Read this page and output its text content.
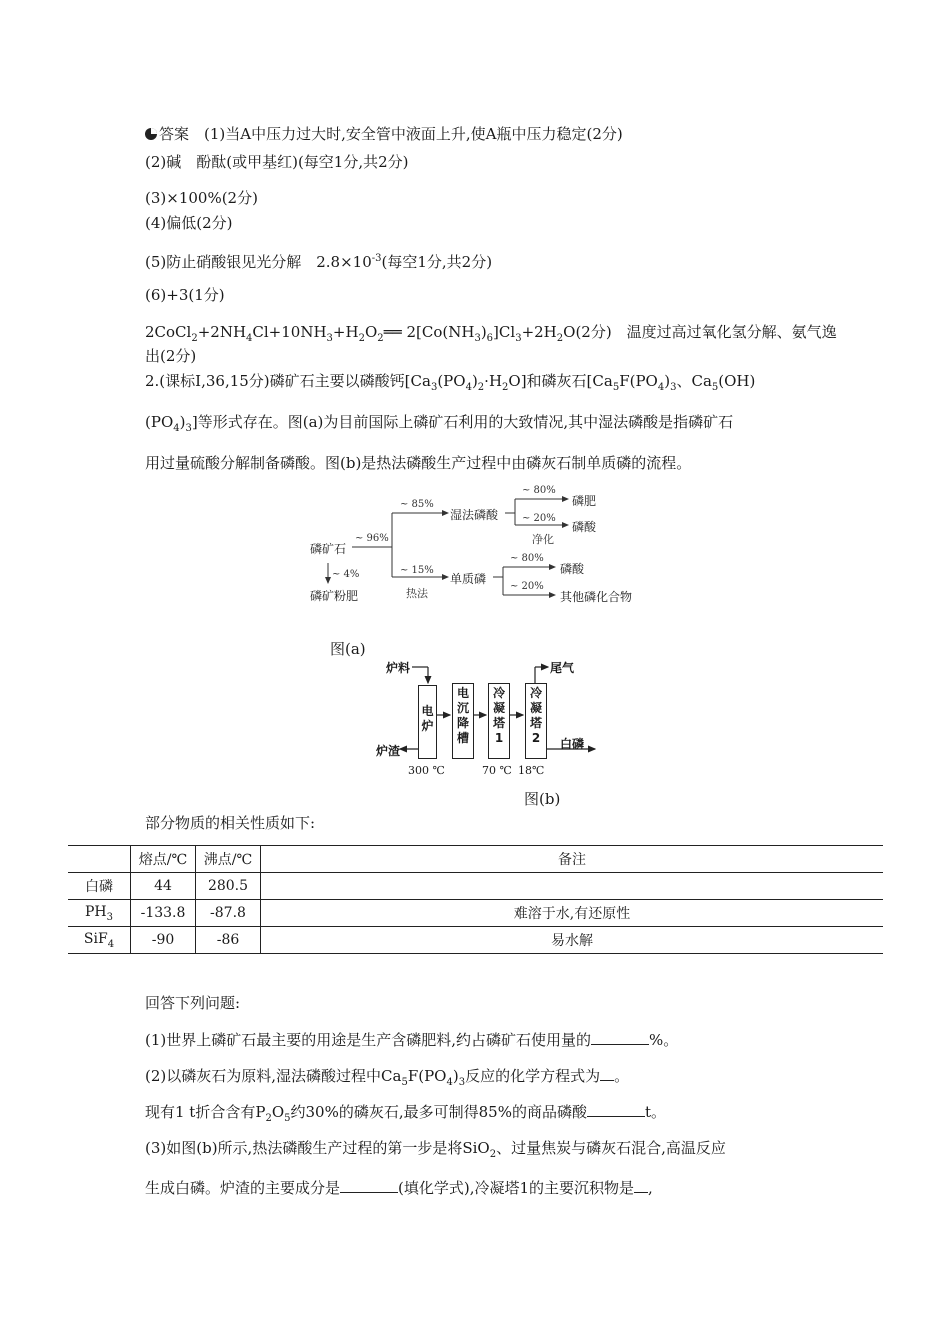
答案　 (1)当A中压力过大时,安全管中液面上升,使A瓶中压力稳定(2分)
(2)碱　酚酞(或甲基红)(每空1分,共2分)
(3)×100%(2分)
(4)偏低(2分)
(5)防止硝酸银见光分解　$2.8\times 10^{-3}$(每空1分,共2分)
(6)+3(1分)
$2CoCl_2+2NH_4Cl+10NH_3+H_2O_2══$ $2[Co(NH_3)_6]Cl_3+2H_2O(2$分)　温度过高过氧化氢分解、氨气逸
出(2分)
2.(课标Ⅰ,36,15分)磷矿石主要以磷酸钙$[Ca_3(PO_4)_2\cdot H_2O]$和磷灰石[$Ca_5F(PO_4)_3$、$Ca_5(OH)$
$(PO_4)_3$]等形式存在。图(a)为目前国际上磷矿石利用的大致情况,其中湿法磷酸是指磷矿石
用过量硫酸分解制备磷酸。图(b)是热法磷酸生产过程中由磷灰石制单质磷的流程。
磷矿石
~ 96%
~ 4%
磷矿粉肥
~ 85%
湿法磷酸
~ 15%
热法
单质磷
~ 80%
磷肥
~ 20%
净化
磷酸
~ 80%
磷酸
~ 20%
其他磷化合物
图(a)
炉料
电炉
电沉降槽
冷凝塔1
冷凝塔2
尾气
炉渣	白磷
300 ℃	70 ℃ 18℃
图(b)
部分物质的相关性质如下:
	熔点/℃	沸点/℃	备注
白磷	44	280.5	
$PH_3$	-133.8	-87.8	难溶于水,有还原性
SiF$_4$	-90	-86	易水解
回答下列问题:
(1)世界上磷矿石最主要的用途是生产含磷肥料,约占磷矿石使用量的	%。
(2)以磷灰石为原料,湿法磷酸过程中$Ca_5F(PO_4)_3$反应的化学方程式为 。
现有1 t折合含有$P_2O_5$约30%的磷灰石,最多可制得85%的商品磷酸	t。
(3)如图(b)所示,热法磷酸生产过程的第一步是将SiO$_2$、过量焦炭与磷灰石混合,高温反应
生成白磷。炉渣的主要成分是	(填化学式),冷凝塔1的主要沉积物是 ,
